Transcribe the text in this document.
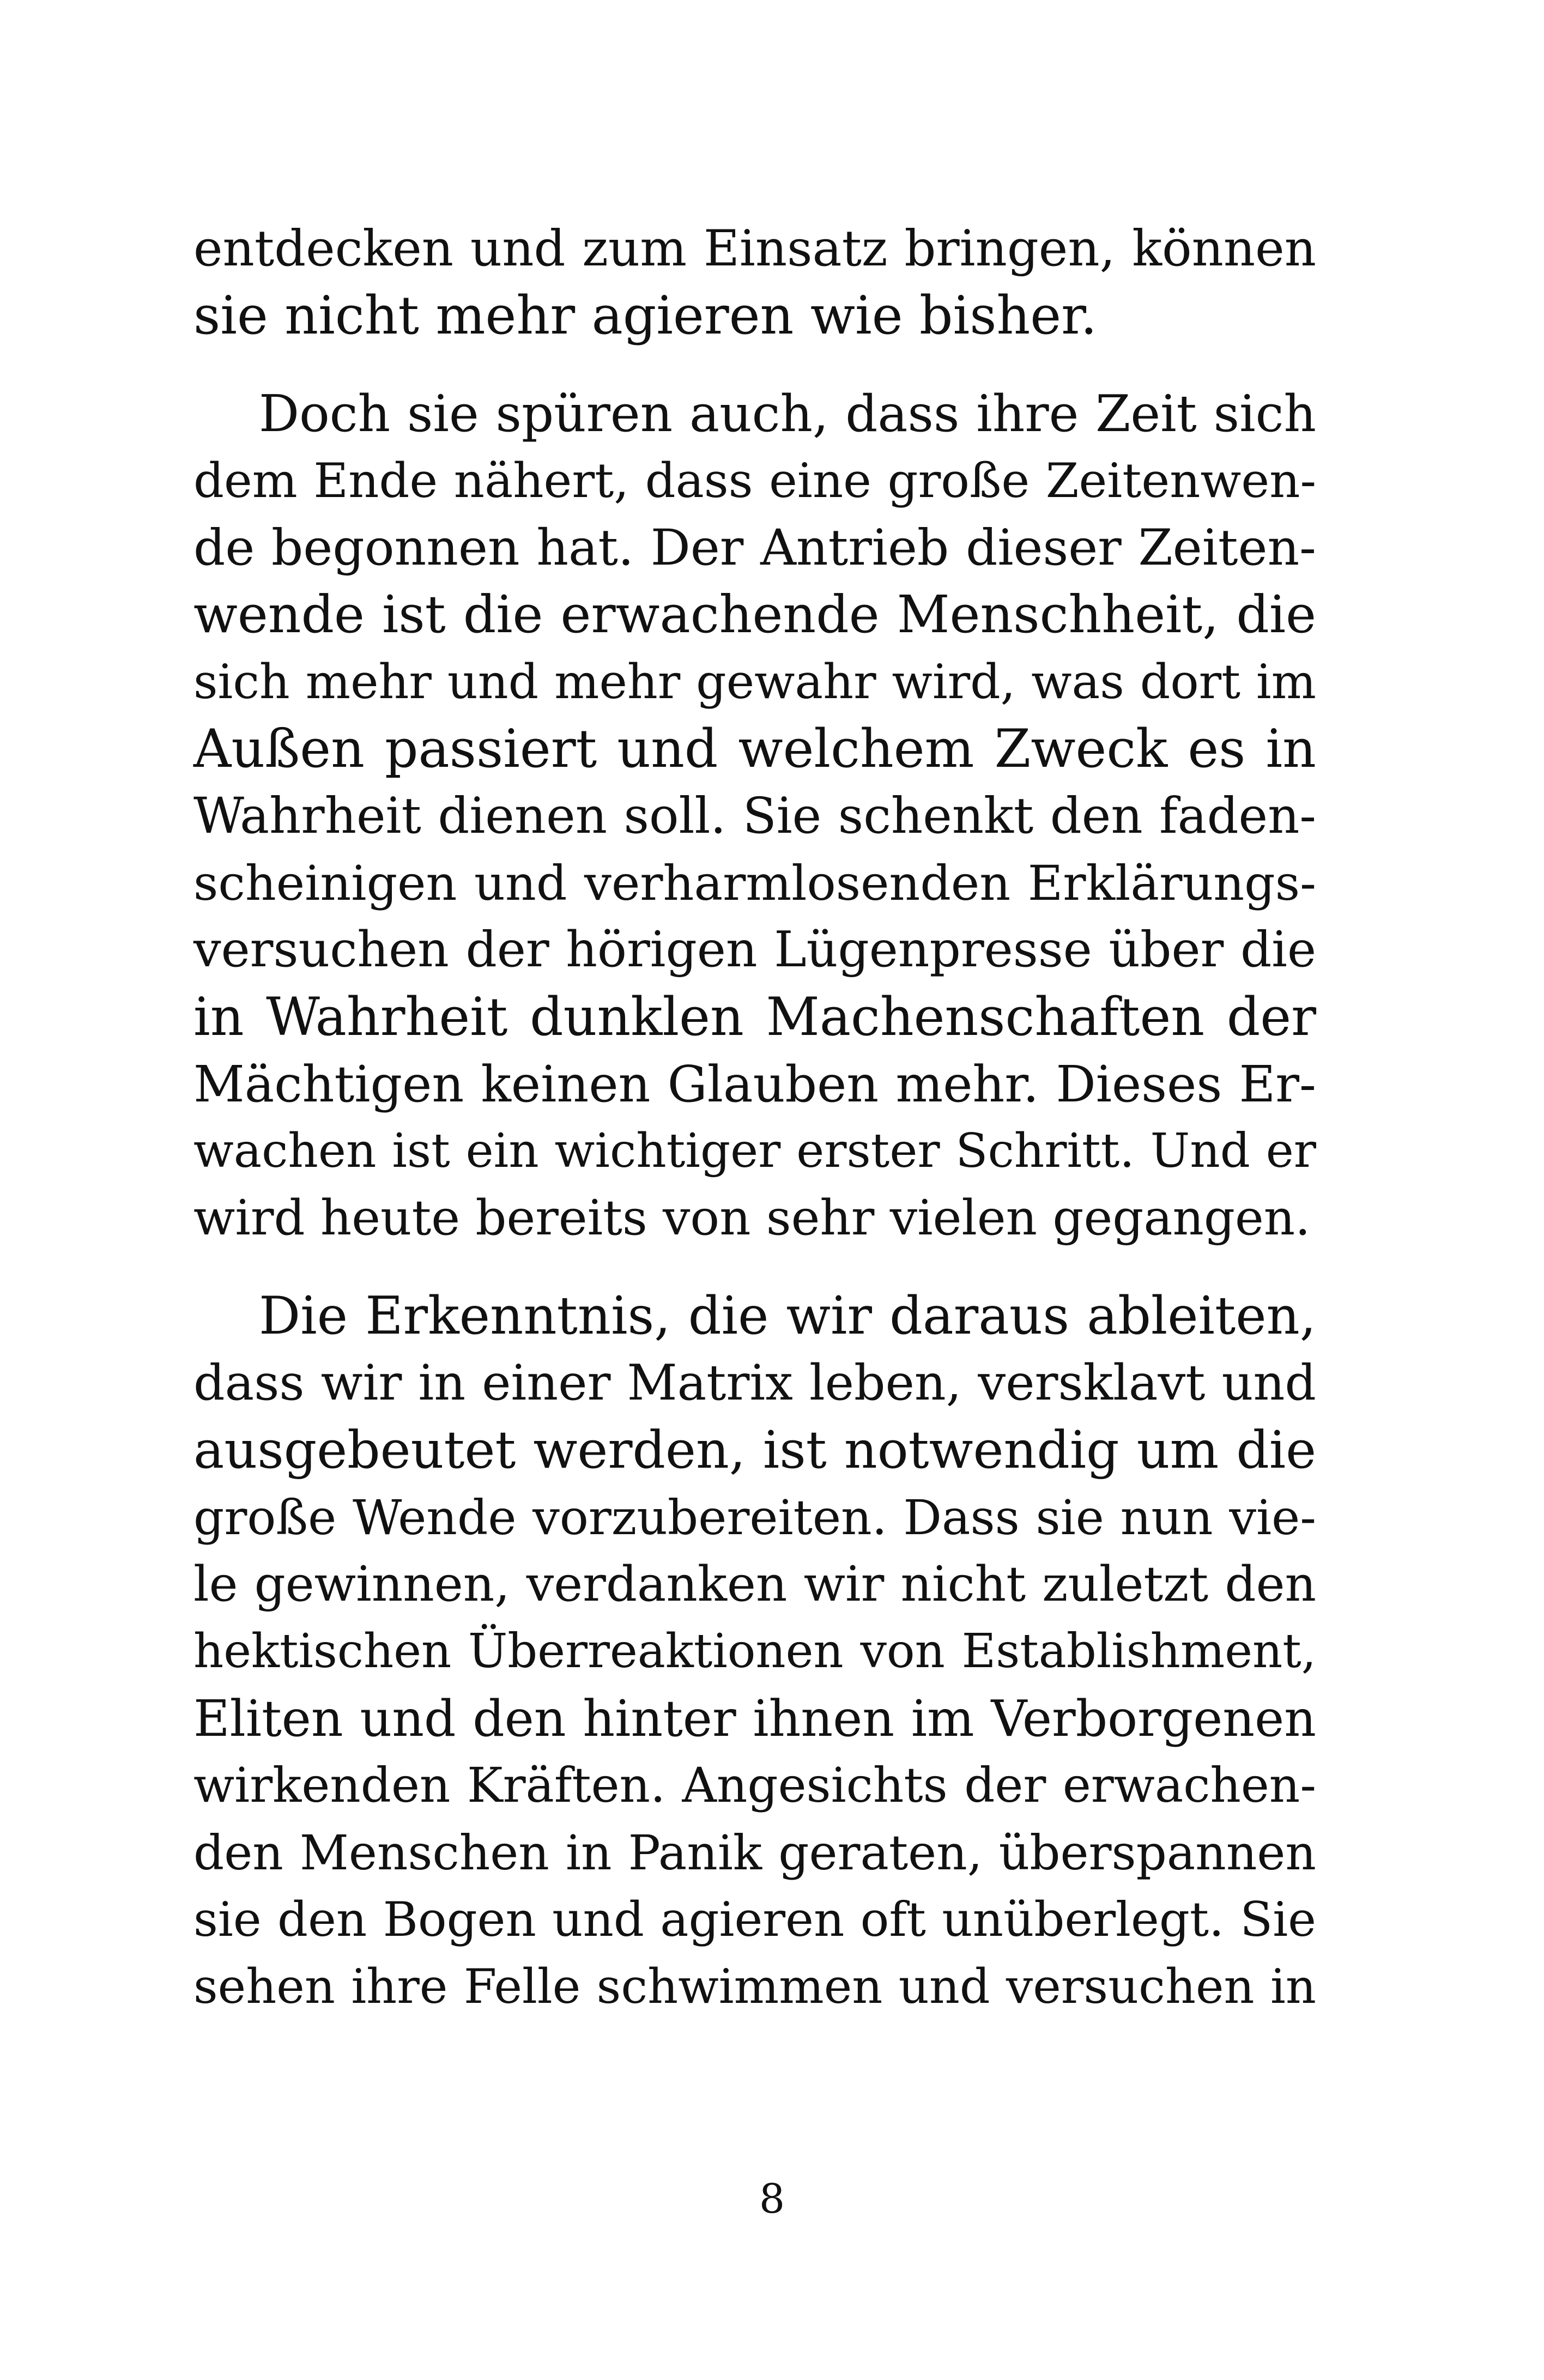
entdecken und zum Einsatz bringen, können
sie nicht mehr agieren wie bisher.

Doch sie spüren auch, dass ihre Zeit sich
dem Ende nähert, dass eine große Zeitenwen-
de begonnen hat. Der Antrieb dieser Zeiten-
wende ist die erwachende Menschheit, die
sich mehr und mehr gewahr wird, was dort im
Außen passiert und welchem Zweck es in
Wahrheit dienen soll. Sie schenkt den faden-
scheinigen und verharmlosenden Erklärungs-
versuchen der hörigen Lügenpresse über die
in Wahrheit dunklen Machenschaften der
Mächtigen keinen Glauben mehr. Dieses Er-
wachen ist ein wichtiger erster Schritt. Und er
wird heute bereits von sehr vielen gegangen.

Die Erkenntnis, die wir daraus ableiten,
dass wir in einer Matrix leben, versklavt und
ausgebeutet werden, ist notwendig um die
große Wende vorzubereiten. Dass sie nun vie-
le gewinnen, verdanken wir nicht zuletzt den
hektischen Überreaktionen von Establishment,
Eliten und den hinter ihnen im Verborgenen
wirkenden Kräften. Angesichts der erwachen-
den Menschen in Panik geraten, überspannen
sie den Bogen und agieren oft unüberlegt. Sie
sehen ihre Felle schwimmen und versuchen in

8
